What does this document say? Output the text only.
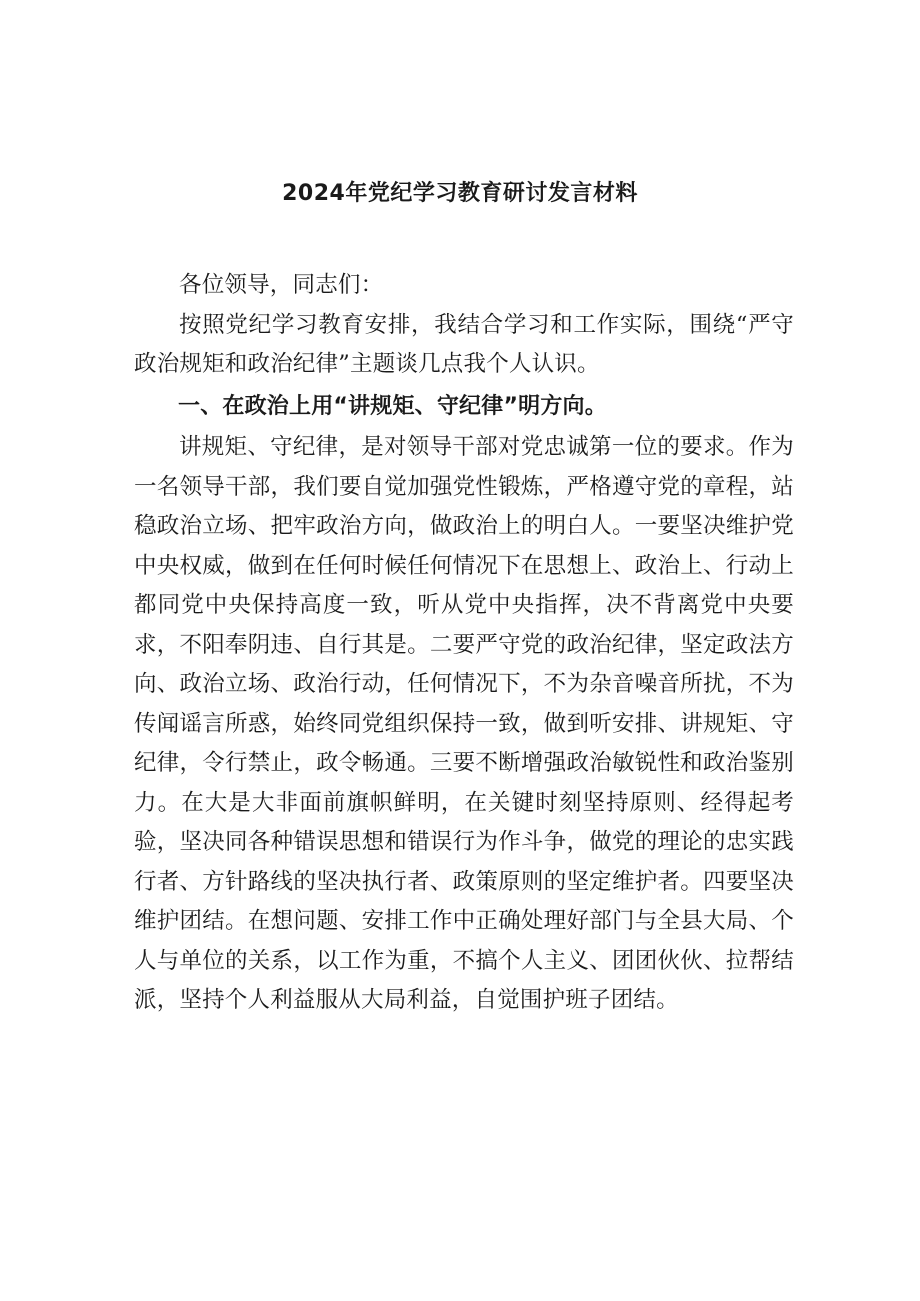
2024年党纪学习教育研讨发言材料

各位领导，同志们：

按照党纪学习教育安排，我结合学习和工作实际，围绕“严守政治规矩和政治纪律”主题谈几点我个人认识。

一、在政治上用“讲规矩、守纪律”明方向。

讲规矩、守纪律，是对领导干部对党忠诚第一位的要求。作为一名领导干部，我们要自觉加强党性锻炼，严格遵守党的章程，站稳政治立场、把牢政治方向，做政治上的明白人。一要坚决维护党中央权威，做到在任何时候任何情况下在思想上、政治上、行动上都同党中央保持高度一致，听从党中央指挥，决不背离党中央要求，不阳奉阴违、自行其是。二要严守党的政治纪律，坚定政法方向、政治立场、政治行动，任何情况下，不为杂音噪音所扰，不为传闻谣言所惑，始终同党组织保持一致，做到听安排、讲规矩、守纪律，令行禁止，政令畅通。三要不断增强政治敏锐性和政治鉴别力。在大是大非面前旗帜鲜明，在关键时刻坚持原则、经得起考验，坚决同各种错误思想和错误行为作斗争，做党的理论的忠实践行者、方针路线的坚决执行者、政策原则的坚定维护者。四要坚决维护团结。在想问题、安排工作中正确处理好部门与全县大局、个人与单位的关系，以工作为重，不搞个人主义、团团伙伙、拉帮结派，坚持个人利益服从大局利益，自觉围护班子团结。
